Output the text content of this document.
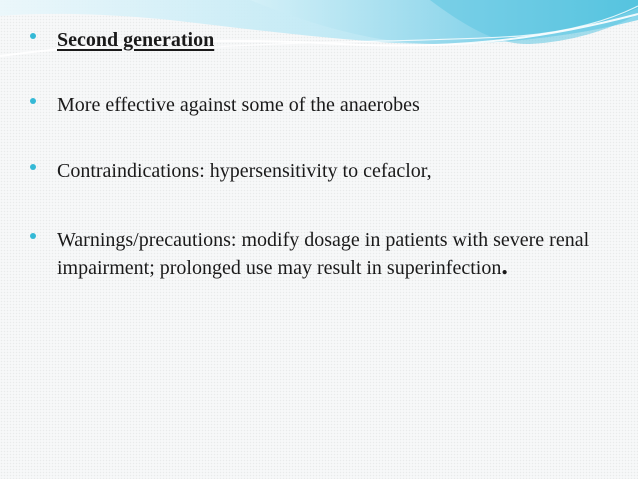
Second generation
More effective against some of the anaerobes
Contraindications: hypersensitivity to cefaclor,
Warnings/precautions: modify dosage in patients with severe renal impairment; prolonged use may result in superinfection.
